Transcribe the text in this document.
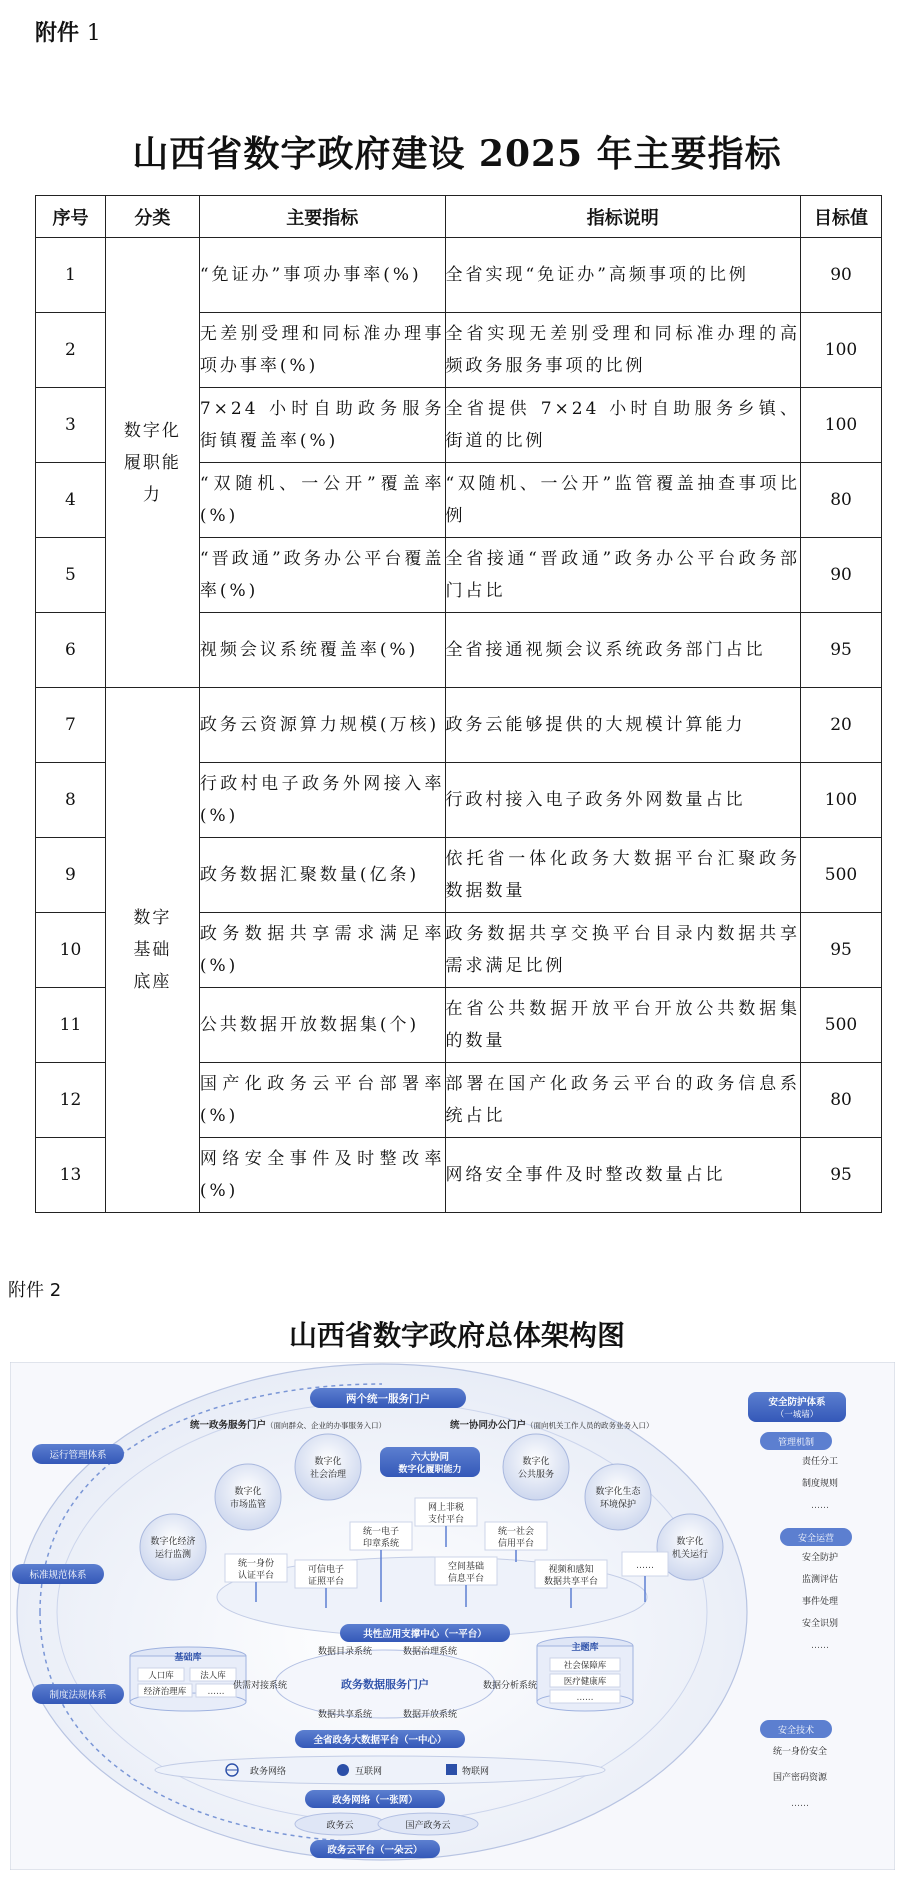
附件 1
山西省数字政府建设 2025 年主要指标
序号	分类	主要指标	指标说明	目标值
1	数字化履职能力	“免证办”事项办事率(%)	全省实现“免证办”高频事项的比例	90
2		无差别受理和同标准办理事项办事率(%)	全省实现无差别受理和同标准办理的高频政务服务事项的比例	100
3		7×24 小时自助政务服务街镇覆盖率(%)	全省提供 7×24 小时自助服务乡镇、街道的比例	100
4		“双随机、一公开”覆盖率(%)	“双随机、一公开”监管覆盖抽查事项比例	80
5		“晋政通”政务办公平台覆盖率(%)	全省接通“晋政通”政务办公平台政务部门占比	90
6		视频会议系统覆盖率(%)	全省接通视频会议系统政务部门占比	95
7	数字基础底座	政务云资源算力规模(万核)	政务云能够提供的大规模计算能力	20
8		行政村电子政务外网接入率(%)	行政村接入电子政务外网数量占比	100
9		政务数据汇聚数量(亿条)	依托省一体化政务大数据平台汇聚政务数据数量	500
10		政务数据共享需求满足率(%)	政务数据共享交换平台目录内数据共享需求满足比例	95
11		公共数据开放数据集(个)	在省公共数据开放平台开放公共数据集的数量	500
12		国产化政务云平台部署率(%)	部署在国产化政务云平台的政务信息系统占比	80
13		网络安全事件及时整改率(%)	网络安全事件及时整改数量占比	95
附件 2
山西省数字政府总体架构图
两个统一服务门户
统一政务服务门户（面向群众、企业的办事服务入口）	统一协同办公门户（面向机关工作人员的政务业务入口）
六大协同
数字化履职能力
数字化经济
运行监测
数字化
市场监管
数字化
社会治理
数字化
公共服务
数字化生态
环境保护
数字化
机关运行
统一身份
认证平台
可信电子
证照平台
统一电子
印章系统
网上非税
支付平台
空间基础
信息平台
统一社会
信用平台
视频和感知
数据共享平台
……
共性应用支撑中心（一平台）
运行管理体系
标准规范体系
制度法规体系
基础库
人口库	法人库
经济治理库 ……
主题库
社会保障库
医疗健康库
……
数据目录系统	数据治理系统
供需对接系统	数据分析系统
数据共享系统	数据开放系统
政务数据服务门户
全省政务大数据平台（一中心）
政务网络	互联网	物联网
政务网络（一张网）
政务云	国产政务云
政务云平台（一朵云）
安全防护体系
（一城墙）
管理机制
责任分工
制度规则
……
安全运营
安全防护
监测评估
事件处理
安全识别
……
安全技术
统一身份安全
国产密码资源
……
